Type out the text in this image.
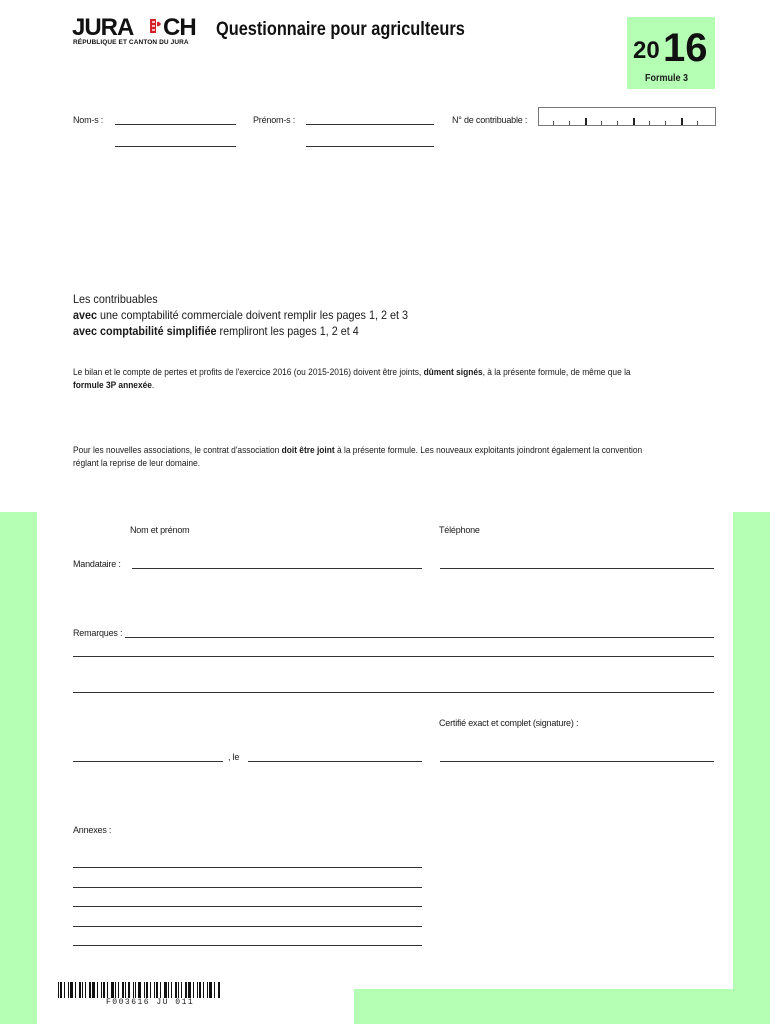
JURA CH
RÉPUBLIQUE ET CANTON DU JURA
Questionnaire pour agriculteurs
20 16
Formule 3
Nom-s :	Prénom-s :	N° de contribuable :
Les contribuables
avec une comptabilité commerciale doivent remplir les pages 1, 2 et 3
avec comptabilité simplifiée rempliront les pages 1, 2 et 4
Le bilan et le compte de pertes et profits de l'exercice 2016 (ou 2015-2016) doivent être joints, dûment signés, à la présente formule, de même que la
formule 3P annexée.
Pour les nouvelles associations, le contrat d'association doit être joint à la présente formule. Les nouveaux exploitants joindront également la convention
réglant la reprise de leur domaine.
Nom et prénom	Téléphone
Mandataire :
Remarques :
Certifié exact et complet (signature) :
, le
Annexes :
F003616 JU 011
